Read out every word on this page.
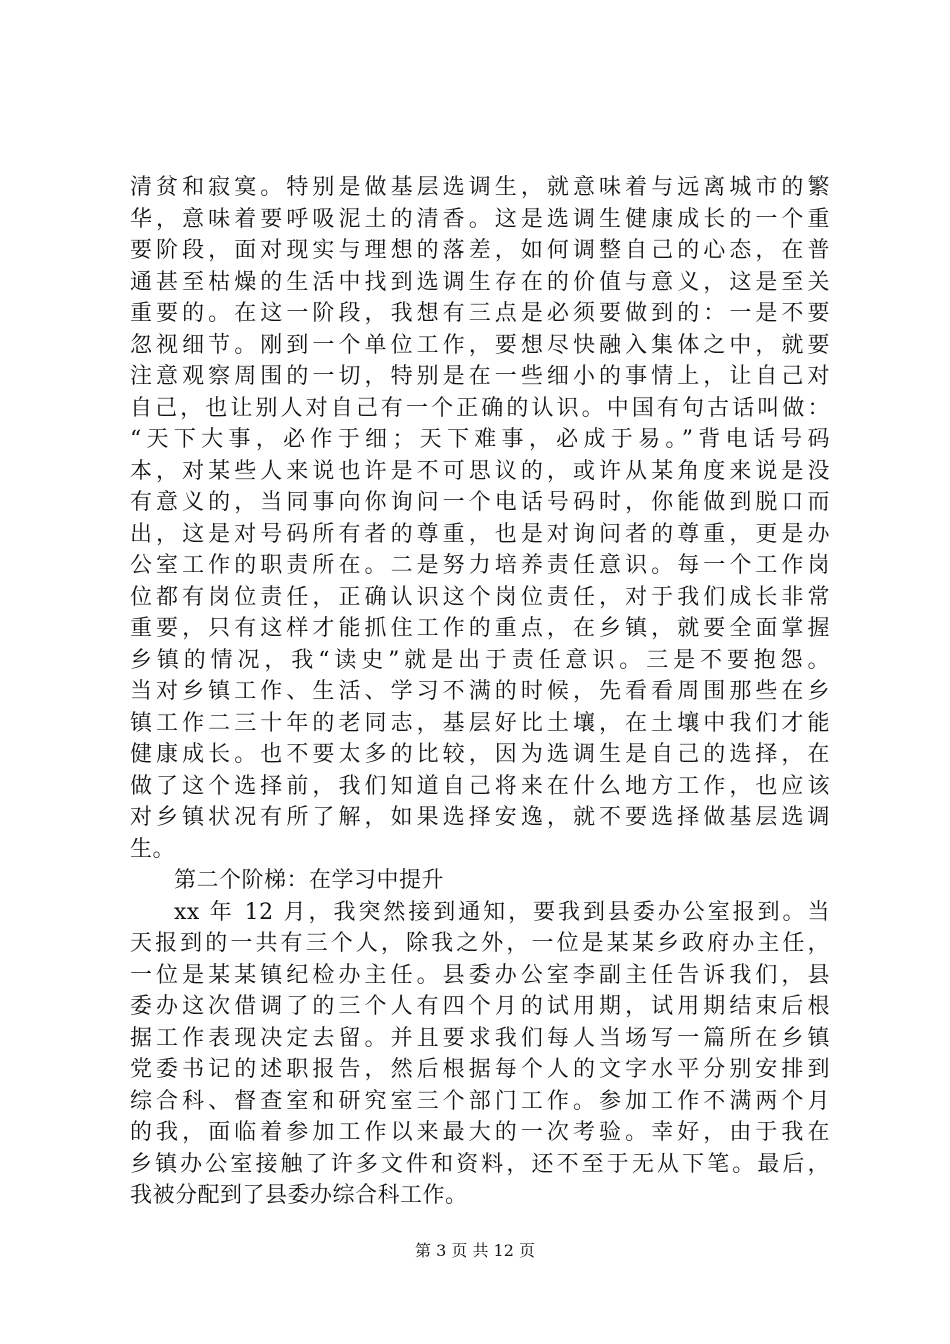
清贫和寂寞。特别是做基层选调生，就意味着与远离城市的繁
华，意味着要呼吸泥土的清香。这是选调生健康成长的一个重
要阶段，面对现实与理想的落差，如何调整自己的心态，在普
通甚至枯燥的生活中找到选调生存在的价值与意义，这是至关
重要的。在这一阶段，我想有三点是必须要做到的：一是不要
忽视细节。刚到一个单位工作，要想尽快融入集体之中，就要
注意观察周围的一切，特别是在一些细小的事情上，让自己对
自己，也让别人对自己有一个正确的认识。中国有句古话叫做：
“天下大事，必作于细；天下难事，必成于易。”背电话号码
本，对某些人来说也许是不可思议的，或许从某角度来说是没
有意义的，当同事向你询问一个电话号码时，你能做到脱口而
出，这是对号码所有者的尊重，也是对询问者的尊重，更是办
公室工作的职责所在。二是努力培养责任意识。每一个工作岗
位都有岗位责任，正确认识这个岗位责任，对于我们成长非常
重要，只有这样才能抓住工作的重点，在乡镇，就要全面掌握
乡镇的情况，我“读史”就是出于责任意识。三是不要抱怨。
当对乡镇工作、生活、学习不满的时候，先看看周围那些在乡
镇工作二三十年的老同志，基层好比土壤，在土壤中我们才能
健康成长。也不要太多的比较，因为选调生是自己的选择，在
做了这个选择前，我们知道自己将来在什么地方工作，也应该
对乡镇状况有所了解，如果选择安逸，就不要选择做基层选调
生。
第二个阶梯：在学习中提升
xx 年 12 月，我突然接到通知，要我到县委办公室报到。当
天报到的一共有三个人，除我之外，一位是某某乡政府办主任，
一位是某某镇纪检办主任。县委办公室李副主任告诉我们，县
委办这次借调了的三个人有四个月的试用期，试用期结束后根
据工作表现决定去留。并且要求我们每人当场写一篇所在乡镇
党委书记的述职报告，然后根据每个人的文字水平分别安排到
综合科、督查室和研究室三个部门工作。参加工作不满两个月
的我，面临着参加工作以来最大的一次考验。幸好，由于我在
乡镇办公室接触了许多文件和资料，还不至于无从下笔。最后，
我被分配到了县委办综合科工作。
第 3 页 共 12 页
